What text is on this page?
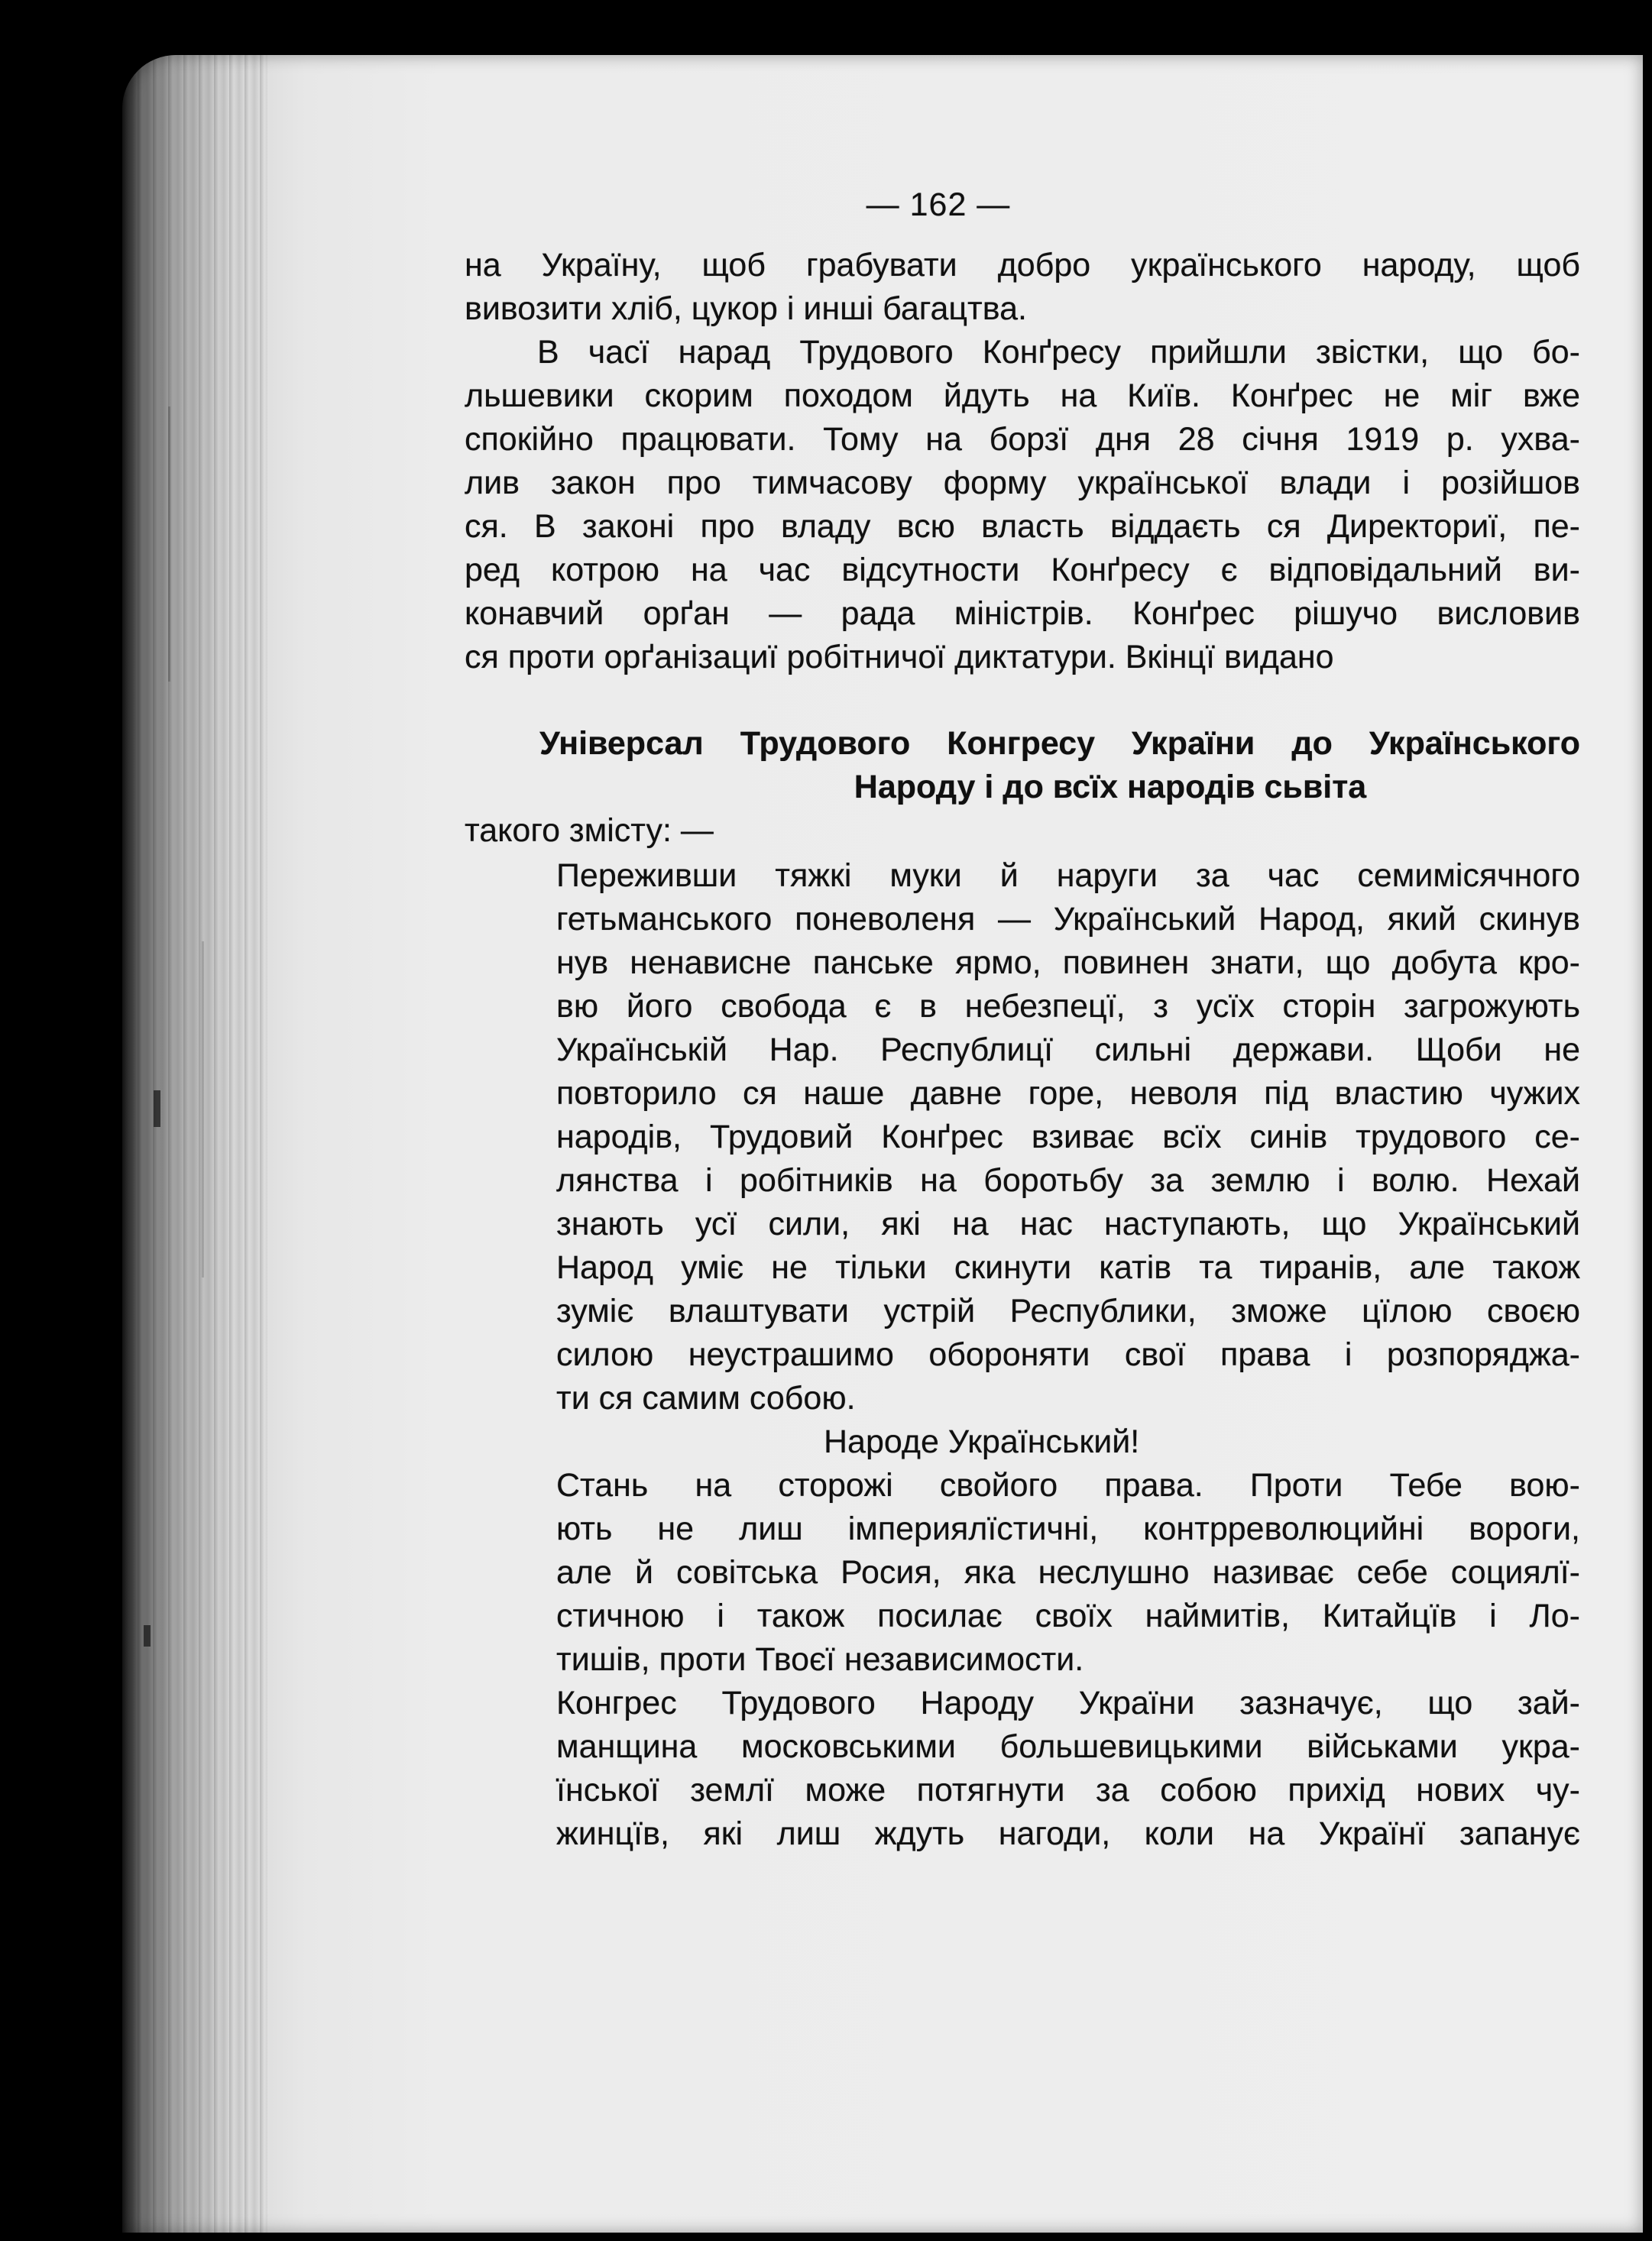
— 162 —
на Україну, щоб грабувати добро українського народу, щоб
вивозити хліб, цукор і инші багацтва.
В часї нарад Трудового Конґресу прийшли звістки, що бо-
льшевики скорим походом йдуть на Київ. Конґрес не міг вже
спокійно працювати. Тому на борзї дня 28 січня 1919 р. ухва-
лив закон про тимчасову форму української влади і розійшов
ся. В законі про владу всю власть віддаєть ся Директориї, пе-
ред котрою на час відсутности Конґресу є відповідальний ви-
конавчий орґан — рада міністрів. Конґрес рішучо висловив
ся проти орґанізациї робітничої диктатури. Вкінцї видано
Універсал Трудового Конгресу України до Українського
Народу і до всїх народів сьвіта
такого змісту: —
Переживши тяжкі муки й наруги за час семимісячного
гетьманського поневоленя — Український Народ, який скинув
нув ненависне панське ярмо, повинен знати, що добута кро-
вю його свобода є в небезпецї, з усїх сторін загрожують
Українській Нар. Республицї сильні держави. Щоби не
повторило ся наше давне горе, неволя під властию чужих
народів, Трудовий Конґрес взиває всїх синів трудового се-
лянства і робітників на боротьбу за землю і волю. Нехай
знають усї сили, які на нас наступають, що Український
Народ уміє не тільки скинути катів та тиранів, але також
зуміє влаштувати устрій Республики, зможе цїлою своєю
силою неустрашимо обороняти свої права і розпоряджа-
ти ся самим собою.
Народе Український!
Стань на сторожі свойого права. Проти Тебе вою-
ють не лиш імпериялїстичні, контрреволюцийні вороги,
але й совітська Росия, яка неслушно називає себе социялї-
стичною і також посилає своїх наймитів, Китайцїв і Ло-
тишів, проти Твоєї независимости.
Конгрес Трудового Народу України зазначує, що зай-
манщина московськими большевицькими військами укра-
їнської землї може потягнути за собою прихід нових чу-
жинцїв, які лиш ждуть нагоди, коли на Українї запанує
